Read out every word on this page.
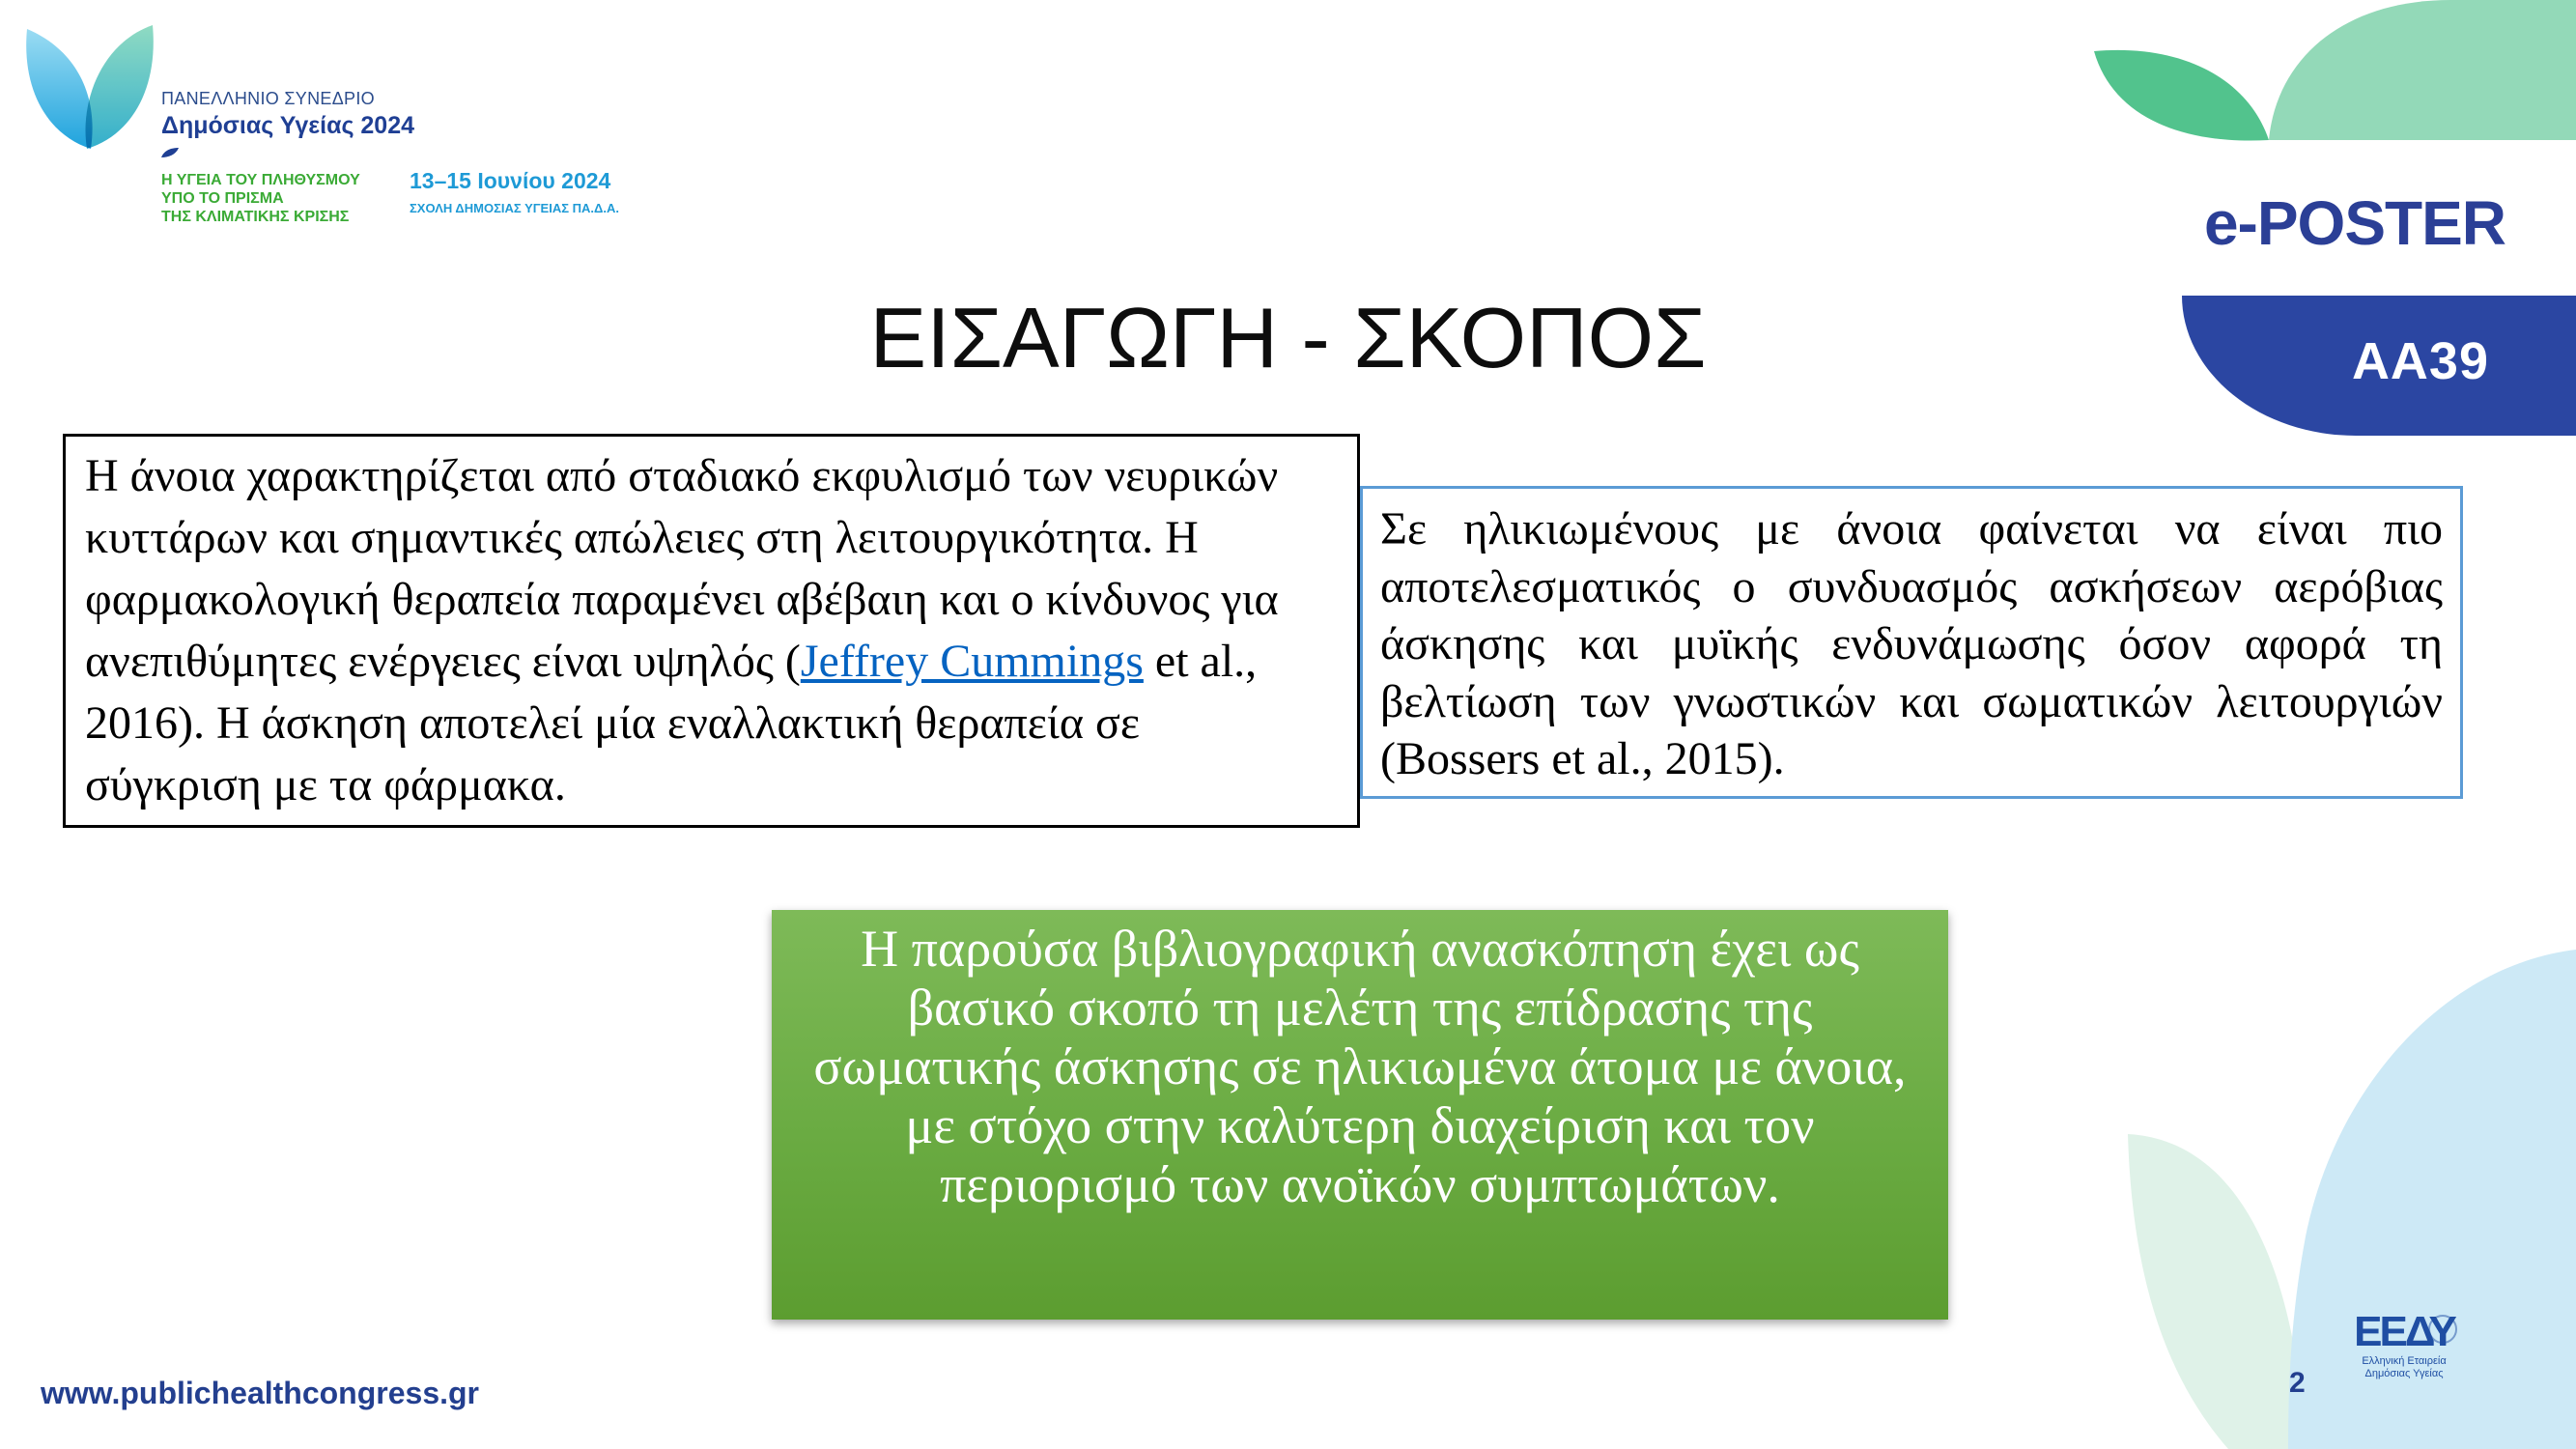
ΠΑΝΕΛΛΗΝΙΟ ΣΥΝΕΔΡΙΟ
Δημόσιας Υγείας 2024
Η ΥΓΕΙΑ ΤΟΥ ΠΛΗΘΥΣΜΟΥ
ΥΠΟ ΤΟ ΠΡΙΣΜΑ
ΤΗΣ ΚΛΙΜΑΤΙΚΗΣ ΚΡΙΣΗΣ
13–15 Ιουνίου 2024
ΣΧΟΛΗ ΔΗΜΟΣΙΑΣ ΥΓΕΙΑΣ ΠΑ.Δ.Α.	e-POSTER
AA39
ΕΙΣΑΓΩΓΗ - ΣΚΟΠΟΣ
Η άνοια χαρακτηρίζεται από σταδιακό εκφυλισμό των νευρικών
κυττάρων και σημαντικές απώλειες στη λειτουργικότητα. Η
φαρμακολογική θεραπεία παραμένει αβέβαιη και ο κίνδυνος για
ανεπιθύμητες ενέργειες είναι υψηλός (Jeffrey Cummings et al.,
2016). Η άσκηση αποτελεί μία εναλλακτική θεραπεία σε
σύγκριση με τα φάρμακα.
Σε ηλικιωμένους με άνοια φαίνεται να είναι πιο
αποτελεσματικός ο συνδυασμός ασκήσεων αερόβιας
άσκησης και μυϊκής ενδυνάμωσης όσον αφορά τη
βελτίωση των γνωστικών και σωματικών λειτουργιών
(Bossers et al., 2015).
Η παρούσα βιβλιογραφική ανασκόπηση έχει ως
βασικό σκοπό τη μελέτη της επίδρασης της
σωματικής άσκησης σε ηλικιωμένα άτομα με άνοια,
με στόχο στην καλύτερη διαχείριση και τον
περιορισμό των ανοϊκών συμπτωμάτων.
ΕΕΔΥ
Ελληνική Εταιρεία
Δημόσιας Υγείας
www.publichealthcongress.gr	2
